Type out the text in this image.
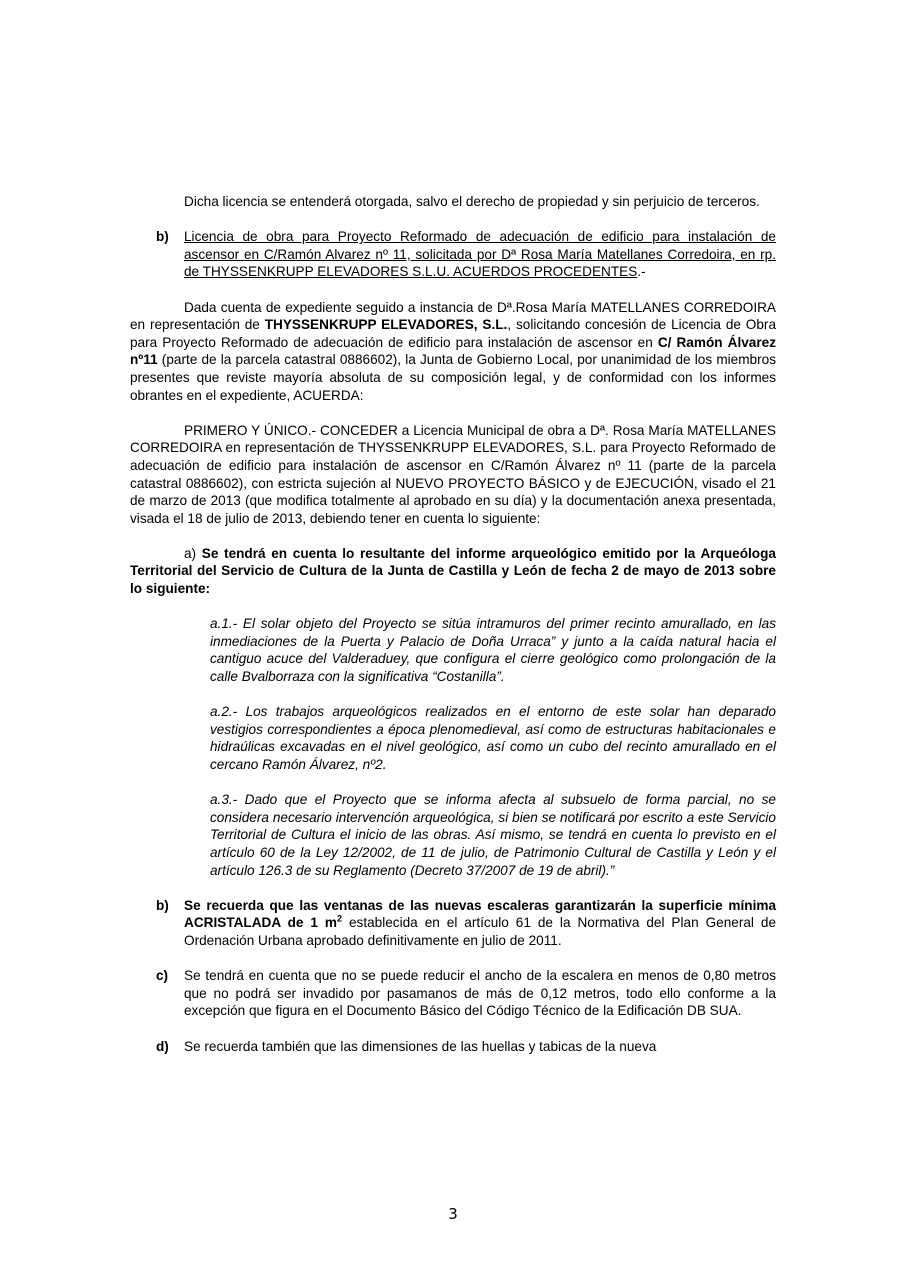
Dicha licencia se entenderá otorgada, salvo el derecho de propiedad y sin perjuicio de terceros.

b)	Licencia de obra para Proyecto Reformado de adecuación de edificio para instalación de ascensor en C/Ramón Alvarez nº 11, solicitada por Dª Rosa María Matellanes Corredoira, en rp. de THYSSENKRUPP ELEVADORES S.L.U. ACUERDOS PROCEDENTES.-

Dada cuenta de expediente seguido a instancia de Dª.Rosa María MATELLANES CORREDOIRA en representación de THYSSENKRUPP ELEVADORES, S.L., solicitando concesión de Licencia de Obra para Proyecto Reformado de adecuación de edificio para instalación de ascensor en C/ Ramón Álvarez nº11 (parte de la parcela catastral 0886602), la Junta de Gobierno Local, por unanimidad de los miembros presentes que reviste mayoría absoluta de su composición legal, y de conformidad con los informes obrantes en el expediente, ACUERDA:

PRIMERO Y ÚNICO.- CONCEDER a Licencia Municipal de obra a Dª. Rosa María MATELLANES CORREDOIRA en representación de THYSSENKRUPP ELEVADORES, S.L. para Proyecto Reformado de adecuación de edificio para instalación de ascensor en C/Ramón Álvarez nº 11 (parte de la parcela catastral 0886602), con estricta sujeción al NUEVO PROYECTO BÁSICO y de EJECUCIÓN, visado el 21 de marzo de 2013 (que modifica totalmente al aprobado en su día) y la documentación anexa presentada, visada el 18 de julio de 2013, debiendo tener en cuenta lo siguiente:

a) Se tendrá en cuenta lo resultante del informe arqueológico emitido por la Arqueóloga Territorial del Servicio de Cultura de la Junta de Castilla y León de fecha 2 de mayo de 2013 sobre lo siguiente:

a.1.- El solar objeto del Proyecto se sitúa intramuros del primer recinto amurallado, en las inmediaciones de la Puerta y Palacio de Doña Urraca” y junto a la caída natural hacia el cantiguo acuce del Valderaduey, que configura el cierre geológico como prolongación de la calle Bvalborraza con la significativa “Costanilla”.

a.2.- Los trabajos arqueológicos realizados en el entorno de este solar han deparado vestigios correspondientes a época plenomedieval, así como de estructuras habitacionales e hidraúlicas excavadas en el nivel geológico, así como un cubo del recinto amurallado en el cercano Ramón Álvarez, nº2.

a.3.- Dado que el Proyecto que se informa afecta al subsuelo de forma parcial, no se considera necesario intervención arqueológica, si bien se notificará por escrito a este Servicio Territorial de Cultura el inicio de las obras. Así mismo, se tendrá en cuenta lo previsto en el artículo 60 de la Ley 12/2002, de 11 de julio, de Patrimonio Cultural de Castilla y León y el artículo 126.3 de su Reglamento (Decreto 37/2007 de 19 de abril).”

b)	Se recuerda que las ventanas de las nuevas escaleras garantizarán la superficie mínima ACRISTALADA de 1 $m^2$ establecida en el artículo 61 de la Normativa del Plan General de Ordenación Urbana aprobado definitivamente en julio de 2011.

c)	Se tendrá en cuenta que no se puede reducir el ancho de la escalera en menos de 0,80 metros que no podrá ser invadido por pasamanos de más de 0,12 metros, todo ello conforme a la excepción que figura en el Documento Básico del Código Técnico de la Edificación DB SUA.

d)	Se recuerda también que las dimensiones de las huellas y tabicas de la nueva

3
